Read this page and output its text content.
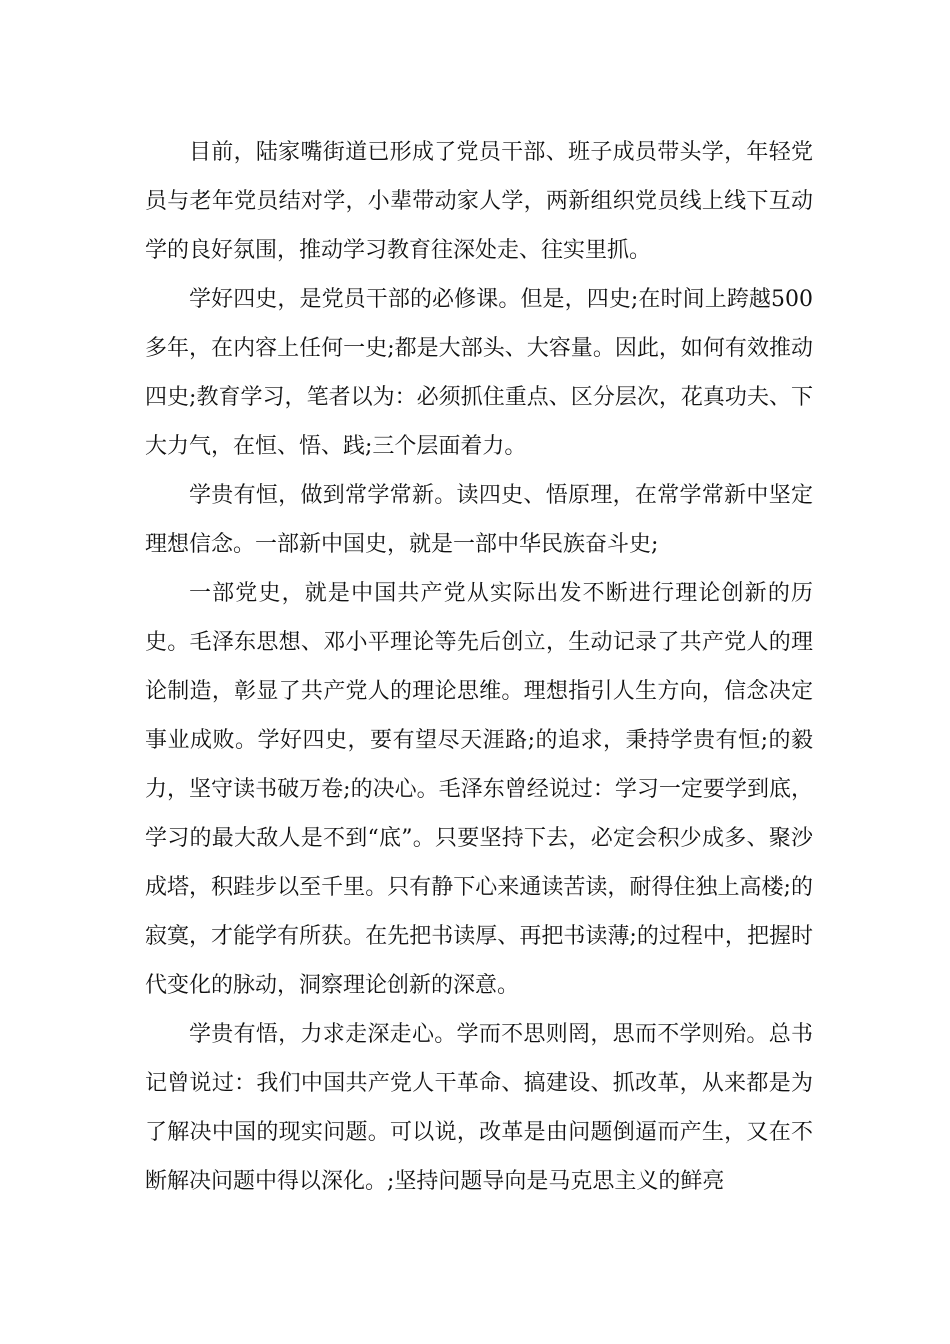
目前，陆家嘴街道已形成了党员干部、班子成员带头学，年轻党员与老年党员结对学，小辈带动家人学，两新组织党员线上线下互动学的良好氛围，推动学习教育往深处走、往实里抓。

学好四史，是党员干部的必修课。但是，四史;在时间上跨越500多年，在内容上任何一史;都是大部头、大容量。因此，如何有效推动四史;教育学习，笔者以为：必须抓住重点、区分层次，花真功夫、下大力气，在恒、悟、践;三个层面着力。

学贵有恒，做到常学常新。读四史、悟原理，在常学常新中坚定理想信念。一部新中国史，就是一部中华民族奋斗史;

一部党史，就是中国共产党从实际出发不断进行理论创新的历史。毛泽东思想、邓小平理论等先后创立，生动记录了共产党人的理论制造，彰显了共产党人的理论思维。理想指引人生方向，信念决定事业成败。学好四史，要有望尽天涯路;的追求，秉持学贵有恒;的毅力，坚守读书破万卷;的决心。毛泽东曾经说过：学习一定要学到底，学习的最大敌人是不到“底”。只要坚持下去，必定会积少成多、聚沙成塔，积跬步以至千里。只有静下心来通读苦读，耐得住独上高楼;的寂寞，才能学有所获。在先把书读厚、再把书读薄;的过程中，把握时代变化的脉动，洞察理论创新的深意。

学贵有悟，力求走深走心。学而不思则罔，思而不学则殆。总书记曾说过：我们中国共产党人干革命、搞建设、抓改革，从来都是为了解决中国的现实问题。可以说，改革是由问题倒逼而产生，又在不断解决问题中得以深化。;坚持问题导向是马克思主义的鲜亮
